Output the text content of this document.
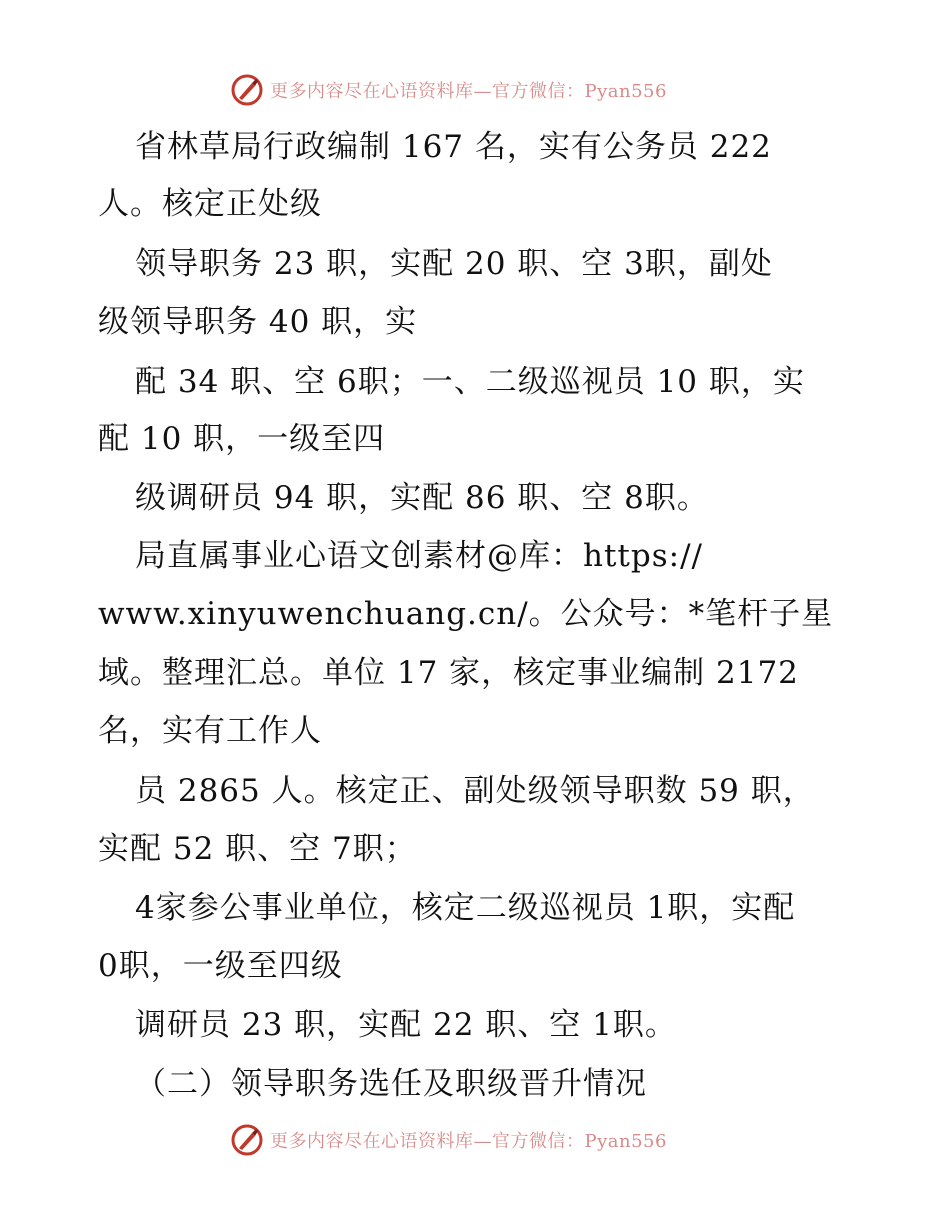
更多内容尽在心语资料库—官方微信：Pyan556
省林草局行政编制 167 名，实有公务员 222
人。核定正处级
领导职务 23 职，实配 20 职、空 3职，副处
级领导职务 40 职，实
配 34 职、空 6职；一、二级巡视员 10 职，实
配 10 职，一级至四
级调研员 94 职，实配 86 职、空 8职。
局直属事业心语文创素材@库：https://
www.xinyuwenchuang.cn/。公众号：*笔杆子星
域。整理汇总。单位 17 家，核定事业编制 2172
名，实有工作人
员 2865 人。核定正、副处级领导职数 59 职，
实配 52 职、空 7职；
4家参公事业单位，核定二级巡视员 1职，实配
0职，一级至四级
调研员 23 职，实配 22 职、空 1职。
（二）领导职务选任及职级晋升情况
更多内容尽在心语资料库—官方微信：Pyan556
